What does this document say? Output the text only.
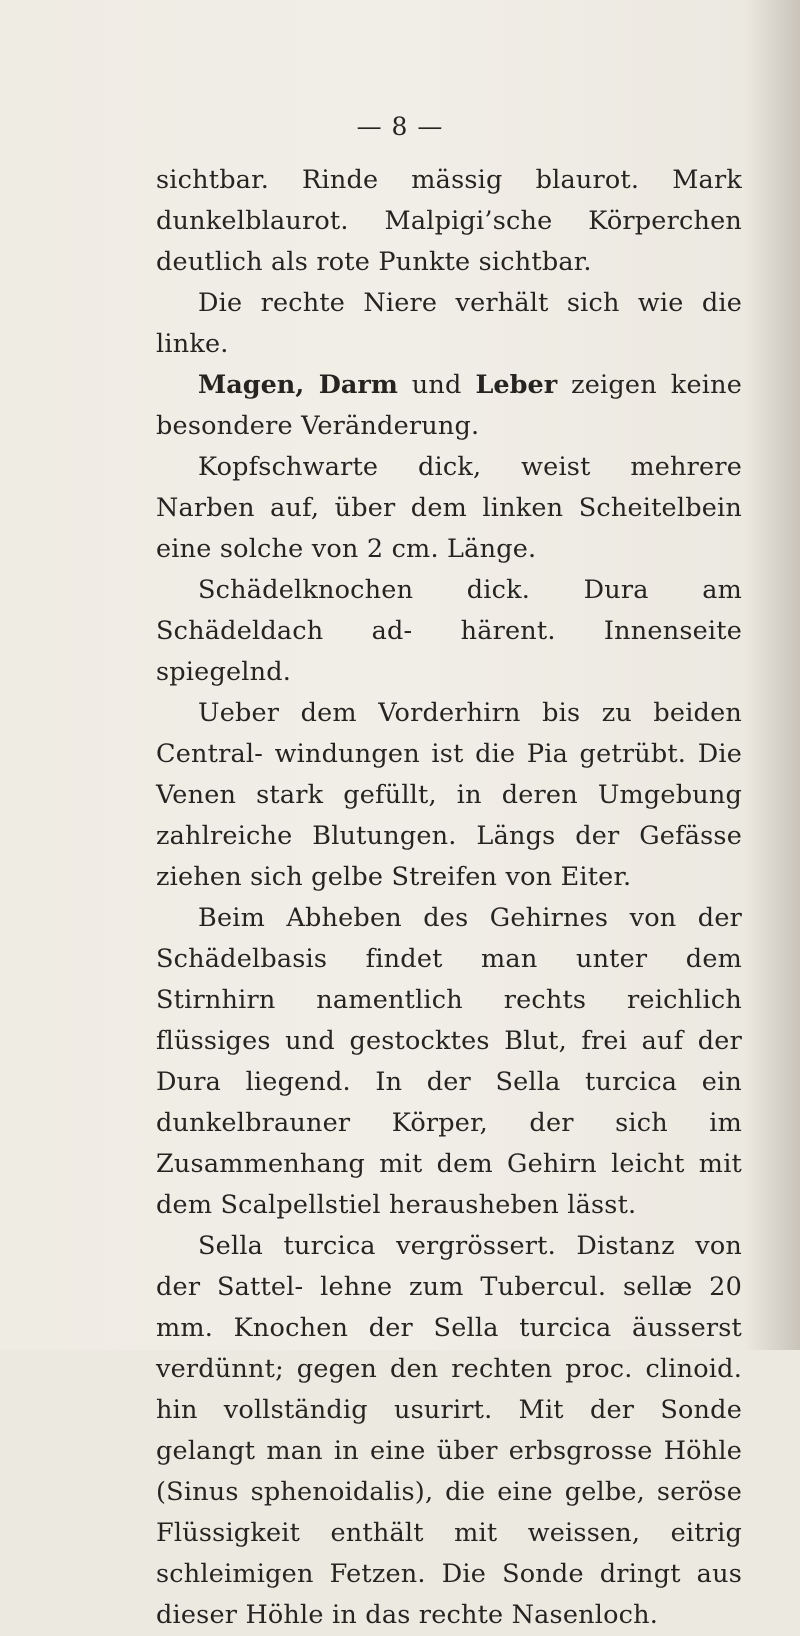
— 8 —

sichtbar. Rinde mässig blaurot. Mark dunkelblaurot. Malpigi’sche Körperchen deutlich als rote Punkte sichtbar.

Die rechte Niere verhält sich wie die linke.

Magen, Darm und Leber zeigen keine besondere Veränderung.

Kopfschwarte dick, weist mehrere Narben auf, über dem linken Scheitelbein eine solche von 2 cm. Länge.

Schädelknochen dick. Dura am Schädeldach ad- härent. Innenseite spiegelnd.

Ueber dem Vorderhirn bis zu beiden Central- windungen ist die Pia getrübt. Die Venen stark gefüllt, in deren Umgebung zahlreiche Blutungen. Längs der Gefässe ziehen sich gelbe Streifen von Eiter.

Beim Abheben des Gehirnes von der Schädelbasis findet man unter dem Stirnhirn namentlich rechts reichlich flüssiges und gestocktes Blut, frei auf der Dura liegend. In der Sella turcica ein dunkelbrauner Körper, der sich im Zusammenhang mit dem Gehirn leicht mit dem Scalpellstiel herausheben lässt.

Sella turcica vergrössert. Distanz von der Sattel- lehne zum Tubercul. sellæ 20 mm. Knochen der Sella turcica äusserst verdünnt; gegen den rechten proc. clinoid. hin vollständig usurirt. Mit der Sonde gelangt man in eine über erbsgrosse Höhle (Sinus sphenoidalis), die eine gelbe, seröse Flüssigkeit enthält mit weissen, eitrig schleimigen Fetzen. Die Sonde dringt aus dieser Höhle in das rechte Nasenloch.
